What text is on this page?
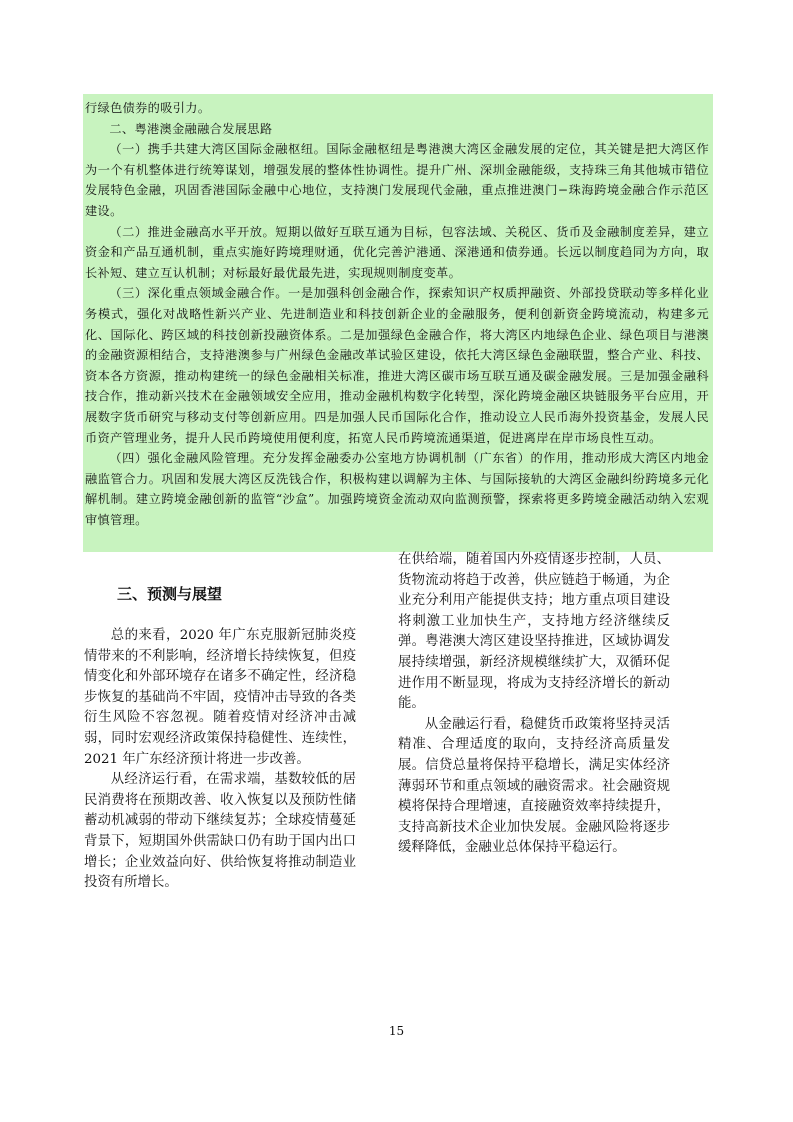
行绿色债券的吸引力。

二、粤港澳金融融合发展思路

（一）携手共建大湾区国际金融枢纽。国际金融枢纽是粤港澳大湾区金融发展的定位，其关键是把大湾区作为一个有机整体进行统筹谋划，增强发展的整体性协调性。提升广州、深圳金融能级，支持珠三角其他城市错位发展特色金融，巩固香港国际金融中心地位，支持澳门发展现代金融，重点推进澳门−珠海跨境金融合作示范区建设。

（二）推进金融高水平开放。短期以做好互联互通为目标，包容法域、关税区、货币及金融制度差异，建立资金和产品互通机制，重点实施好跨境理财通，优化完善沪港通、深港通和债券通。长远以制度趋同为方向，取长补短、建立互认机制；对标最好最优最先进，实现规则制度变革。

（三）深化重点领域金融合作。一是加强科创金融合作，探索知识产权质押融资、外部投贷联动等多样化业务模式，强化对战略性新兴产业、先进制造业和科技创新企业的金融服务，便利创新资金跨境流动，构建多元化、国际化、跨区域的科技创新投融资体系。二是加强绿色金融合作，将大湾区内地绿色企业、绿色项目与港澳的金融资源相结合，支持港澳参与广州绿色金融改革试验区建设，依托大湾区绿色金融联盟，整合产业、科技、资本各方资源，推动构建统一的绿色金融相关标准，推进大湾区碳市场互联互通及碳金融发展。三是加强金融科技合作，推动新兴技术在金融领域安全应用，推动金融机构数字化转型，深化跨境金融区块链服务平台应用，开展数字货币研究与移动支付等创新应用。四是加强人民币国际化合作，推动设立人民币海外投资基金，发展人民币资产管理业务，提升人民币跨境使用便利度，拓宽人民币跨境流通渠道，促进离岸在岸市场良性互动。

（四）强化金融风险管理。充分发挥金融委办公室地方协调机制（广东省）的作用，推动形成大湾区内地金融监管合力。巩固和发展大湾区反洗钱合作，积极构建以调解为主体、与国际接轨的大湾区金融纠纷跨境多元化解机制。建立跨境金融创新的监管“沙盒”。加强跨境资金流动双向监测预警，探索将更多跨境金融活动纳入宏观审慎管理。

三、预测与展望

总的来看，2020 年广东克服新冠肺炎疫情带来的不利影响，经济增长持续恢复，但疫情变化和外部环境存在诸多不确定性，经济稳步恢复的基础尚不牢固，疫情冲击导致的各类衍生风险不容忽视。随着疫情对经济冲击减弱，同时宏观经济政策保持稳健性、连续性，2021 年广东经济预计将进一步改善。

从经济运行看，在需求端，基数较低的居民消费将在预期改善、收入恢复以及预防性储蓄动机减弱的带动下继续复苏；全球疫情蔓延背景下，短期国外供需缺口仍有助于国内出口增长；企业效益向好、供给恢复将推动制造业投资有所增长。

在供给端，随着国内外疫情逐步控制，人员、货物流动将趋于改善，供应链趋于畅通，为企业充分利用产能提供支持；地方重点项目建设将刺激工业加快生产，支持地方经济继续反弹。粤港澳大湾区建设坚持推进，区域协调发展持续增强，新经济规模继续扩大，双循环促进作用不断显现，将成为支持经济增长的新动能。

从金融运行看，稳健货币政策将坚持灵活精准、合理适度的取向，支持经济高质量发展。信贷总量将保持平稳增长，满足实体经济薄弱环节和重点领域的融资需求。社会融资规模将保持合理增速，直接融资效率持续提升，支持高新技术企业加快发展。金融风险将逐步缓释降低，金融业总体保持平稳运行。

15
